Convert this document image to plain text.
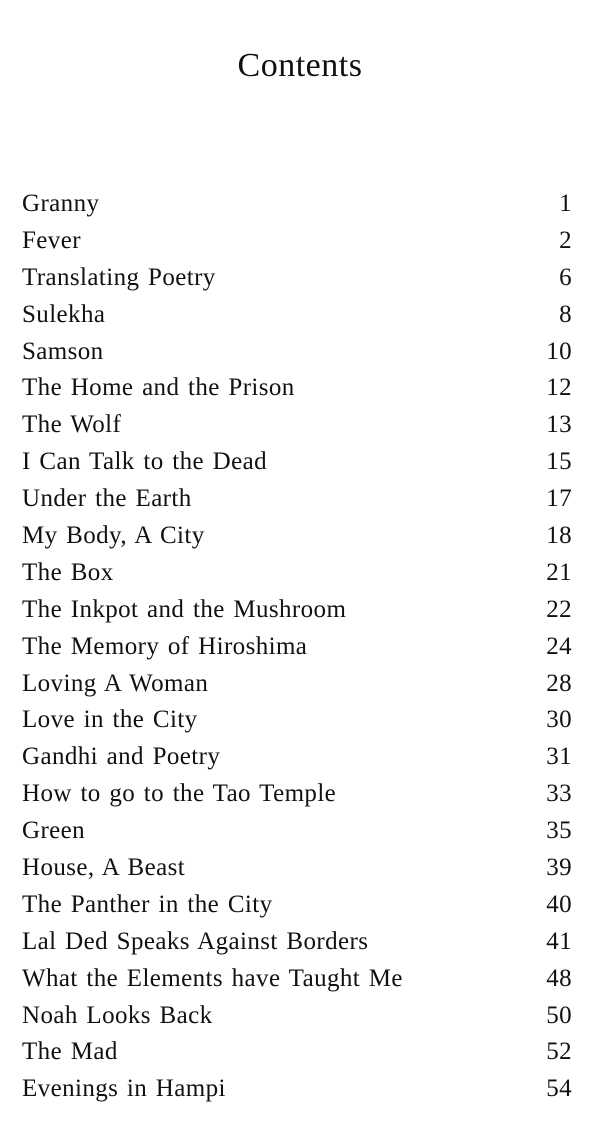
Contents
Granny	1
Fever	2
Translating Poetry	6
Sulekha	8
Samson	10
The Home and the Prison	12
The Wolf	13
I Can Talk to the Dead	15
Under the Earth	17
My Body, A City	18
The Box	21
The Inkpot and the Mushroom	22
The Memory of Hiroshima	24
Loving A Woman	28
Love in the City	30
Gandhi and Poetry	31
How to go to the Tao Temple	33
Green	35
House, A Beast	39
The Panther in the City	40
Lal Ded Speaks Against Borders	41
What the Elements have Taught Me	48
Noah Looks Back	50
The Mad	52
Evenings in Hampi	54
